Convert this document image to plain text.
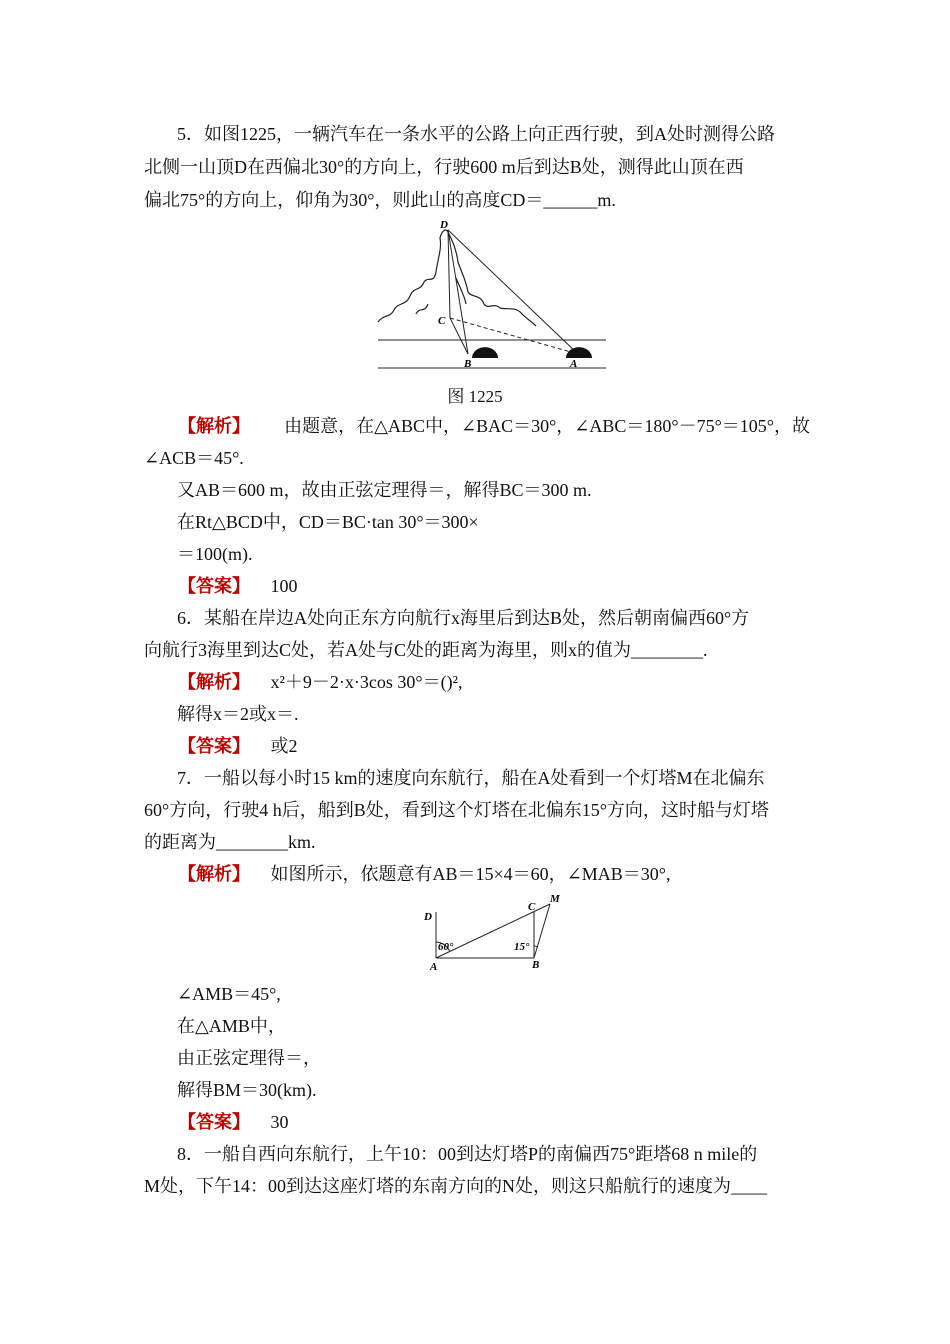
5．如图1225，一辆汽车在一条水平的公路上向正西行驶，到A处时测得公路
北侧一山顶D在西偏北30°的方向上，行驶600 m后到达B处，测得此山顶在西
偏北75°的方向上，仰角为30°，则此山的高度CD＝______m.
D
C
B	A
图 1225
【解析】 由题意，在△ABC中，∠BAC＝30°，∠ABC＝180°－75°＝105°，故
∠ACB＝45°.
又AB＝600 m，故由正弦定理得＝，解得BC＝300 m.
在Rt△BCD中，CD＝BC·tan 30°＝300×
＝100(m).
【答案】 100
6．某船在岸边A处向正东方向航行x海里后到达B处，然后朝南偏西60°方
向航行3海里到达C处，若A处与C处的距离为海里，则x的值为________.
【解析】 x²＋9－2·x·3cos 30°＝()²,
解得x＝2或x＝.
【答案】 或2
7．一船以每小时15 km的速度向东航行，船在A处看到一个灯塔M在北偏东
60°方向，行驶4 h后，船到B处，看到这个灯塔在北偏东15°方向，这时船与灯塔
的距离为________km.
【解析】 如图所示，依题意有AB＝15×4＝60，∠MAB＝30°,
D
C
M
A	B
60°	15°
∠AMB＝45°,
在△AMB中，
由正弦定理得＝，
解得BM＝30(km).
【答案】 30
8．一船自西向东航行，上午10：00到达灯塔P的南偏西75°距塔68 n mile的
M处，下午14：00到达这座灯塔的东南方向的N处，则这只船航行的速度为____
